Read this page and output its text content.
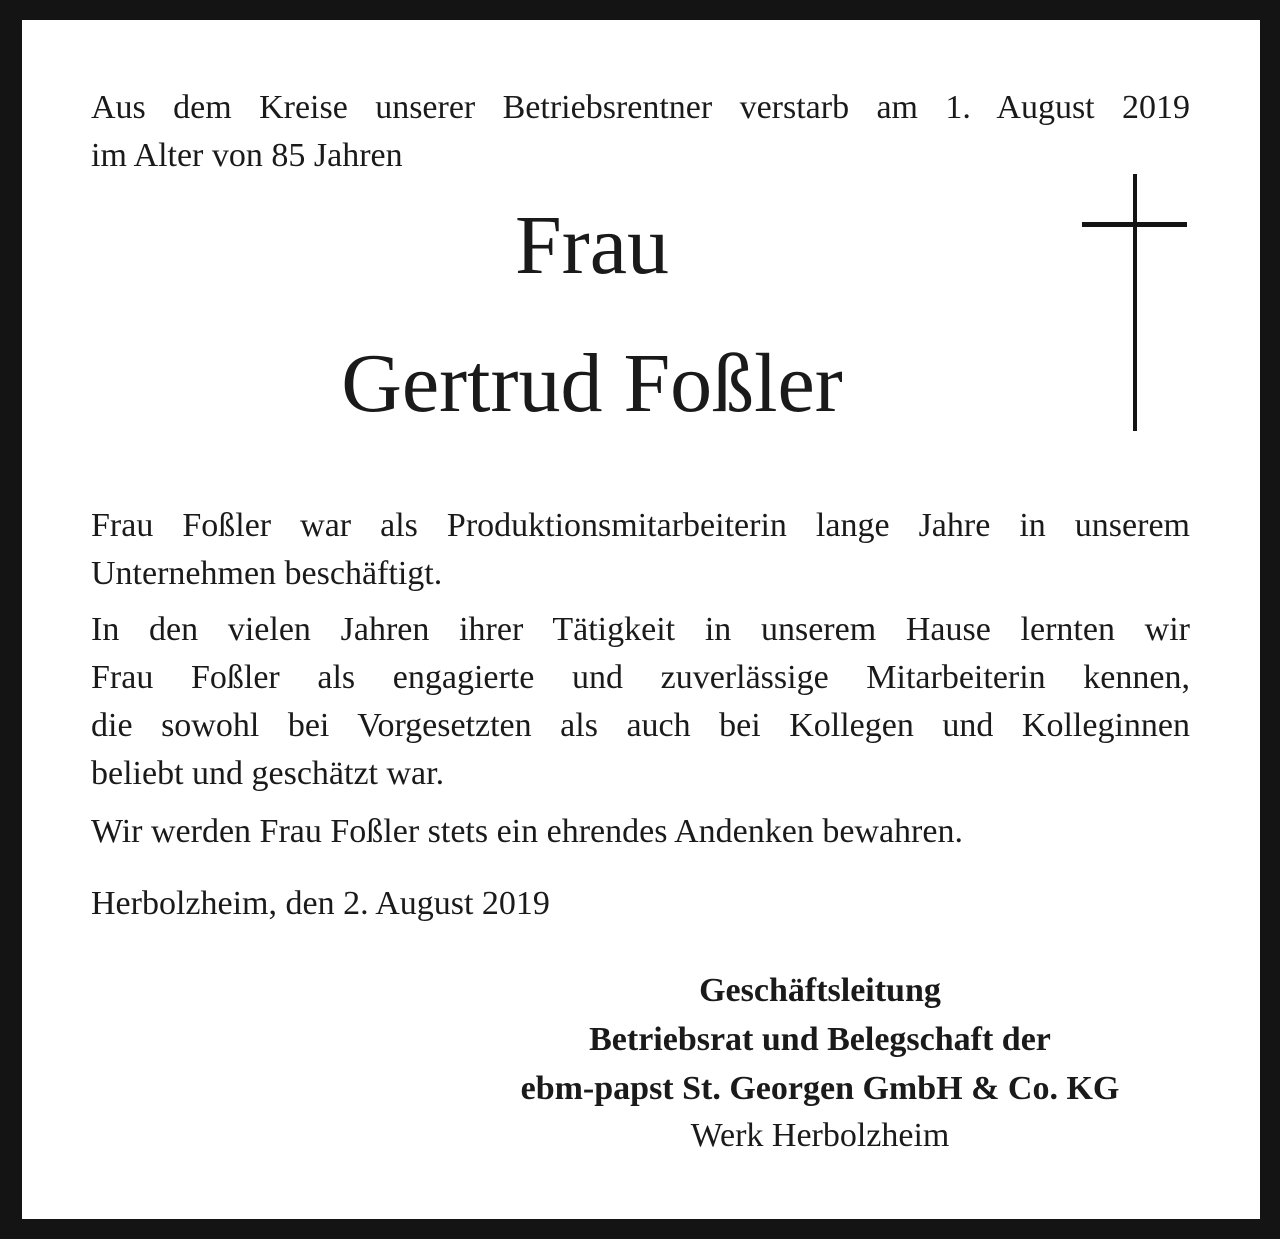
Aus dem Kreise unserer Betriebsrentner verstarb am 1. August 2019
im Alter von 85 Jahren
Frau
Gertrud Foßler
Frau Foßler war als Produktionsmitarbeiterin lange Jahre in unserem
Unternehmen beschäftigt.
In den vielen Jahren ihrer Tätigkeit in unserem Hause lernten wir
Frau Foßler als engagierte und zuverlässige Mitarbeiterin kennen,
die sowohl bei Vorgesetzten als auch bei Kollegen und Kolleginnen
beliebt und geschätzt war.
Wir werden Frau Foßler stets ein ehrendes Andenken bewahren.
Herbolzheim, den 2. August 2019
Geschäftsleitung
Betriebsrat und Belegschaft der
ebm-papst St. Georgen GmbH & Co. KG
Werk Herbolzheim
